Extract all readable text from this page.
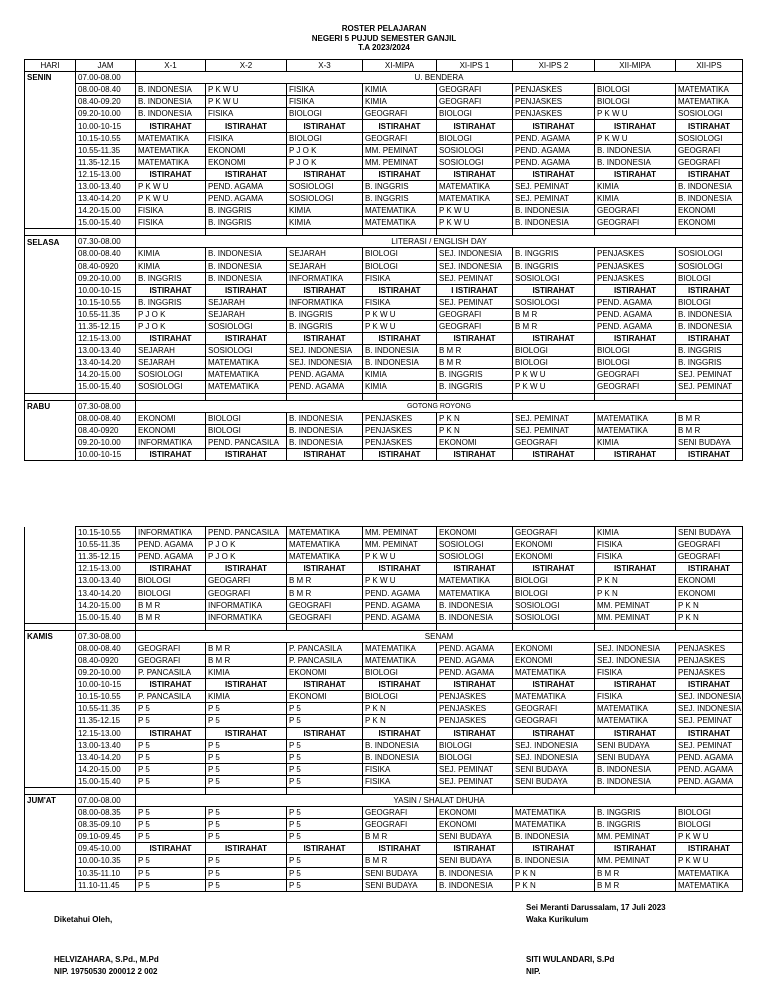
ROSTER PELAJARAN
NEGERI 5 PUJUD SEMESTER GANJIL
T.A 2023/2024
HARI	JAM	X-1	X-2	X-3	XI-MIPA	XI-IPS 1	XI-IPS 2	XII-MIPA	XII-IPS
SENIN	07.00-08.00	U. BENDERA							
	08.00-08.40	B. INDONESIA	P K W U	FISIKA	KIMIA	GEOGRAFI	PENJASKES	BIOLOGI	MATEMATIKA
	08.40-09.20	B. INDONESIA	P K W U	FISIKA	KIMIA	GEOGRAFI	PENJASKES	BIOLOGI	MATEMATIKA
	09.20-10.00	B. INDONESIA	FISIKA	BIOLOGI	GEOGRAFI	BIOLOGI	PENJASKES	P K W U	SOSIOLOGI
	10.00-10-15	ISTIRAHAT	ISTIRAHAT	ISTIRAHAT	ISTIRAHAT	ISTIRAHAT	ISTIRAHAT	ISTIRAHAT	ISTIRAHAT
	10.15-10.55	MATEMATIKA	FISIKA	BIOLOGI	GEOGRAFI	BIOLOGI	PEND. AGAMA	P K W U	SOSIOLOGI
	10.55-11.35	MATEMATIKA	EKONOMI	P J O K	MM. PEMINAT	SOSIOLOGI	PEND. AGAMA	B. INDONESIA	GEOGRAFI
	11.35-12.15	MATEMATIKA	EKONOMI	P J O K	MM. PEMINAT	SOSIOLOGI	PEND. AGAMA	B. INDONESIA	GEOGRAFI
	12.15-13.00	ISTIRAHAT	ISTIRAHAT	ISTIRAHAT	ISTIRAHAT	ISTIRAHAT	ISTIRAHAT	ISTIRAHAT	ISTIRAHAT
	13.00-13.40	P K W U	PEND. AGAMA	SOSIOLOGI	B. INGGRIS	MATEMATIKA	SEJ. PEMINAT	KIMIA	B. INDONESIA
	13.40-14.20	P K W U	PEND. AGAMA	SOSIOLOGI	B. INGGRIS	MATEMATIKA	SEJ. PEMINAT	KIMIA	B. INDONESIA
	14.20-15.00	FISIKA	B. INGGRIS	KIMIA	MATEMATIKA	P K W U	B. INDONESIA	GEOGRAFI	EKONOMI
	15.00-15.40	FISIKA	B. INGGRIS	KIMIA	MATEMATIKA	P K W U	B. INDONESIA	GEOGRAFI	EKONOMI

SELASA	07.30-08.00	LITERASI / ENGLISH DAY							
	08.00-08.40	KIMIA	B. INDONESIA	SEJARAH	BIOLOGI	SEJ. INDONESIA	B. INGGRIS	PENJASKES	SOSIOLOGI
	08.40-0920	KIMIA	B. INDONESIA	SEJARAH	BIOLOGI	SEJ. INDONESIA	B. INGGRIS	PENJASKES	SOSIOLOGI
	09.20-10.00	B. INGGRIS	B. INDONESIA	INFORMATIKA	FISIKA	SEJ. PEMINAT	SOSIOLOGI	PENJASKES	BIOLOGI
	10.00-10-15	ISTIRAHAT	ISTIRAHAT	ISTIRAHAT	ISTIRAHAT	I ISTIRAHAT	ISTIRAHAT	ISTIRAHAT	ISTIRAHAT
	10.15-10.55	B. INGGRIS	SEJARAH	INFORMATIKA	FISIKA	SEJ. PEMINAT	SOSIOLOGI	PEND. AGAMA	BIOLOGI
	10.55-11.35	P J O K	SEJARAH	B. INGGRIS	P K W U	GEOGRAFI	B M R	PEND. AGAMA	B. INDONESIA
	11.35-12.15	P J O K	SOSIOLOGI	B. INGGRIS	P K W U	GEOGRAFI	B M R	PEND. AGAMA	B. INDONESIA
	12.15-13.00	ISTIRAHAT	ISTIRAHAT	ISTIRAHAT	ISTIRAHAT	ISTIRAHAT	ISTIRAHAT	ISTIRAHAT	ISTIRAHAT
	13.00-13.40	SEJARAH	SOSIOLOGI	SEJ. INDONESIA	B. INDONESIA	B M R	BIOLOGI	BIOLOGI	B. INGGRIS
	13.40-14.20	SEJARAH	MATEMATIKA	SEJ. INDONESIA	B. INDONESIA	B M R	BIOLOGI	BIOLOGI	B. INGGRIS
	14.20-15.00	SOSIOLOGI	MATEMATIKA	PEND. AGAMA	KIMIA	B. INGGRIS	P K W U	GEOGRAFI	SEJ. PEMINAT
	15.00-15.40	SOSIOLOGI	MATEMATIKA	PEND. AGAMA	KIMIA	B. INGGRIS	P K W U	GEOGRAFI	SEJ. PEMINAT

RABU	07.30-08.00	GOTONG ROYONG							
	08.00-08.40	EKONOMI	BIOLOGI	B. INDONESIA	PENJASKES	P K N	SEJ. PEMINAT	MATEMATIKA	B M R
	08.40-0920	EKONOMI	BIOLOGI	B. INDONESIA	PENJASKES	P K N	SEJ. PEMINAT	MATEMATIKA	B M R
	09.20-10.00	INFORMATIKA	PEND. PANCASILA	B. INDONESIA	PENJASKES	EKONOMI	GEOGRAFI	KIMIA	SENI BUDAYA
	10.00-10-15	ISTIRAHAT	ISTIRAHAT	ISTIRAHAT	ISTIRAHAT	ISTIRAHAT	ISTIRAHAT	ISTIRAHAT	ISTIRAHAT
	10.15-10.55	INFORMATIKA	PEND. PANCASILA	MATEMATIKA	MM. PEMINAT	EKONOMI	GEOGRAFI	KIMIA	SENI BUDAYA
	10.55-11.35	PEND. AGAMA	P J O K	MATEMATIKA	MM. PEMINAT	SOSIOLOGI	EKONOMI	FISIKA	GEOGRAFI
	11.35-12.15	PEND. AGAMA	P J O K	MATEMATIKA	P K W U	SOSIOLOGI	EKONOMI	FISIKA	GEOGRAFI
	12.15-13.00	ISTIRAHAT	ISTIRAHAT	ISTIRAHAT	ISTIRAHAT	ISTIRAHAT	ISTIRAHAT	ISTIRAHAT	ISTIRAHAT
	13.00-13.40	BIOLOGI	GEOGARFI	B M R	P K W U	MATEMATIKA	BIOLOGI	P K N	EKONOMI
	13.40-14.20	BIOLOGI	GEOGRAFI	B M R	PEND. AGAMA	MATEMATIKA	BIOLOGI	P K N	EKONOMI
	14.20-15.00	B M R	INFORMATIKA	GEOGRAFI	PEND. AGAMA	B. INDONESIA	SOSIOLOGI	MM. PEMINAT	P K N
	15.00-15.40	B M R	INFORMATIKA	GEOGRAFI	PEND. AGAMA	B. INDONESIA	SOSIOLOGI	MM. PEMINAT	P K N

KAMIS	07.30-08.00	SENAM							
	08.00-08.40	GEOGRAFI	B M R	P. PANCASILA	MATEMATIKA	PEND. AGAMA	EKONOMI	SEJ. INDONESIA	PENJASKES
	08.40-0920	GEOGRAFI	B M R	P. PANCASILA	MATEMATIKA	PEND. AGAMA	EKONOMI	SEJ. INDONESIA	PENJASKES
	09.20-10.00	P. PANCASILA	KIMIA	EKONOMI	BIOLOGI	PEND. AGAMA	MATEMATIKA	FISIKA	PENJASKES
	10.00-10-15	ISTIRAHAT	ISTIRAHAT	ISTIRAHAT	ISTIRAHAT	ISTIRAHAT	ISTIRAHAT	ISTIRAHAT	ISTIRAHAT
	10.15-10.55	P. PANCASILA	KIMIA	EKONOMI	BIOLOGI	PENJASKES	MATEMATIKA	FISIKA	SEJ. INDONESIA
	10.55-11.35	P 5	P 5	P 5	P K N	PENJASKES	GEOGRAFI	MATEMATIKA	SEJ. INDONESIA
	11.35-12.15	P 5	P 5	P 5	P K N	PENJASKES	GEOGRAFI	MATEMATIKA	SEJ. PEMINAT
	12.15-13.00	ISTIRAHAT	ISTIRAHAT	ISTIRAHAT	ISTIRAHAT	ISTIRAHAT	ISTIRAHAT	ISTIRAHAT	ISTIRAHAT
	13.00-13.40	P 5	P 5	P 5	B. INDONESIA	BIOLOGI	SEJ. INDONESIA	SENI BUDAYA	SEJ. PEMINAT
	13.40-14.20	P 5	P 5	P 5	B. INDONESIA	BIOLOGI	SEJ. INDONESIA	SENI BUDAYA	PEND. AGAMA
	14.20-15.00	P 5	P 5	P 5	FISIKA	SEJ. PEMINAT	SENI BUDAYA	B. INDONESIA	PEND. AGAMA
	15.00-15.40	P 5	P 5	P 5	FISIKA	SEJ. PEMINAT	SENI BUDAYA	B. INDONESIA	PEND. AGAMA

JUM'AT	07.00-08.00	YASIN / SHALAT DHUHA							
	08.00-08.35	P 5	P 5	P 5	GEOGRAFI	EKONOMI	MATEMATIKA	B. INGGRIS	BIOLOGI
	08.35-09.10	P 5	P 5	P 5	GEOGRAFI	EKONOMI	MATEMATIKA	B. INGGRIS	BIOLOGI
	09.10-09.45	P 5	P 5	P 5	B M R	SENI BUDAYA	B. INDONESIA	MM. PEMINAT	P K W U
	09.45-10.00	ISTIRAHAT	ISTIRAHAT	ISTIRAHAT	ISTIRAHAT	ISTIRAHAT	ISTIRAHAT	ISTIRAHAT	ISTIRAHAT
	10.00-10.35	P 5	P 5	P 5	B M R	SENI BUDAYA	B. INDONESIA	MM. PEMINAT	P K W U
	10.35-11.10	P 5	P 5	P 5	SENI BUDAYA	B. INDONESIA	P K N	B M R	MATEMATIKA
	11.10-11.45	P 5	P 5	P 5	SENI BUDAYA	B. INDONESIA	P K N	B M R	MATEMATIKA
Sei Meranti Darussalam, 17 Juli 2023
Waka Kurikulum
Diketahui Oleh,
HELVIZAHARA, S.Pd., M.Pd
NIP. 19750530 200012 2 002
SITI WULANDARI, S.Pd
NIP.
